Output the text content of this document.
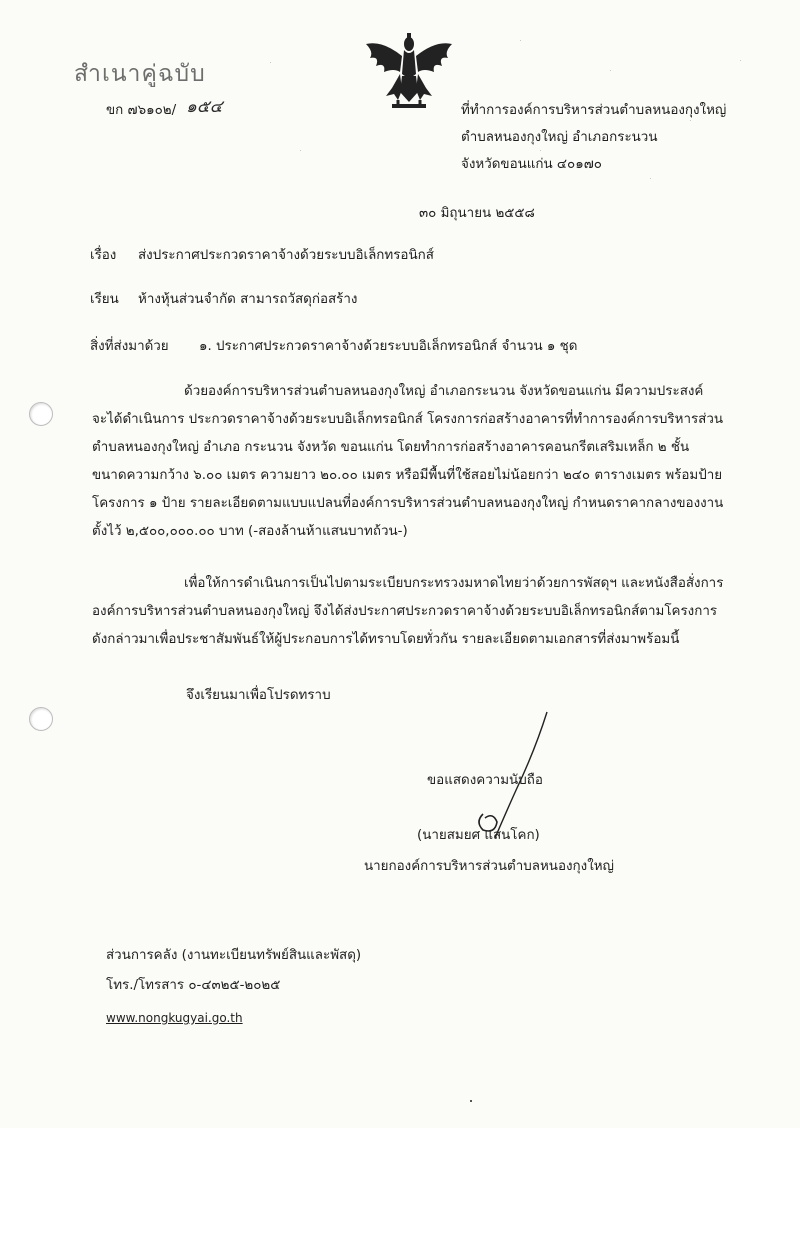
สำเนาคู่ฉบับ
ขก ๗๖๑๐๒/ ๑๕๔	ที่ทำการองค์การบริหารส่วนตำบลหนองกุงใหญ่
ตำบลหนองกุงใหญ่ อำเภอกระนวน
จังหวัดขอนแก่น ๔๐๑๗๐
๓๐ มิถุนายน ๒๕๕๘
เรื่อง ส่งประกาศประกวดราคาจ้างด้วยระบบอิเล็กทรอนิกส์
เรียน ห้างหุ้นส่วนจำกัด สามารถวัสดุก่อสร้าง
สิ่งที่ส่งมาด้วย ๑. ประกาศประกวดราคาจ้างด้วยระบบอิเล็กทรอนิกส์ จำนวน ๑ ชุด
ด้วยองค์การบริหารส่วนตำบลหนองกุงใหญ่ อำเภอกระนวน จังหวัดขอนแก่น มีความประสงค์
จะได้ดำเนินการ ประกวดราคาจ้างด้วยระบบอิเล็กทรอนิกส์ โครงการก่อสร้างอาคารที่ทำการองค์การบริหารส่วน
ตำบลหนองกุงใหญ่ อำเภอ กระนวน จังหวัด ขอนแก่น โดยทำการก่อสร้างอาคารคอนกรีตเสริมเหล็ก ๒ ชั้น
ขนาดความกว้าง ๖.๐๐ เมตร ความยาว ๒๐.๐๐ เมตร หรือมีพื้นที่ใช้สอยไม่น้อยกว่า ๒๔๐ ตารางเมตร พร้อมป้าย
โครงการ ๑ ป้าย รายละเอียดตามแบบแปลนที่องค์การบริหารส่วนตำบลหนองกุงใหญ่ กำหนดราคากลางของงาน
ตั้งไว้ ๒,๕๐๐,๐๐๐.๐๐ บาท (-สองล้านห้าแสนบาทถ้วน-)
เพื่อให้การดำเนินการเป็นไปตามระเบียบกระทรวงมหาดไทยว่าด้วยการพัสดุฯ และหนังสือสั่งการ
องค์การบริหารส่วนตำบลหนองกุงใหญ่ จึงได้ส่งประกาศประกวดราคาจ้างด้วยระบบอิเล็กทรอนิกส์ตามโครงการ
ดังกล่าวมาเพื่อประชาสัมพันธ์ให้ผู้ประกอบการได้ทราบโดยทั่วกัน รายละเอียดตามเอกสารที่ส่งมาพร้อมนี้
จึงเรียนมาเพื่อโปรดทราบ
ขอแสดงความนับถือ
(นายสมยศ แสนโคก)
นายกองค์การบริหารส่วนตำบลหนองกุงใหญ่
ส่วนการคลัง (งานทะเบียนทรัพย์สินและพัสดุ)
โทร./โทรสาร ๐-๔๓๒๕-๒๐๒๕
www.nongkugyai.go.th
